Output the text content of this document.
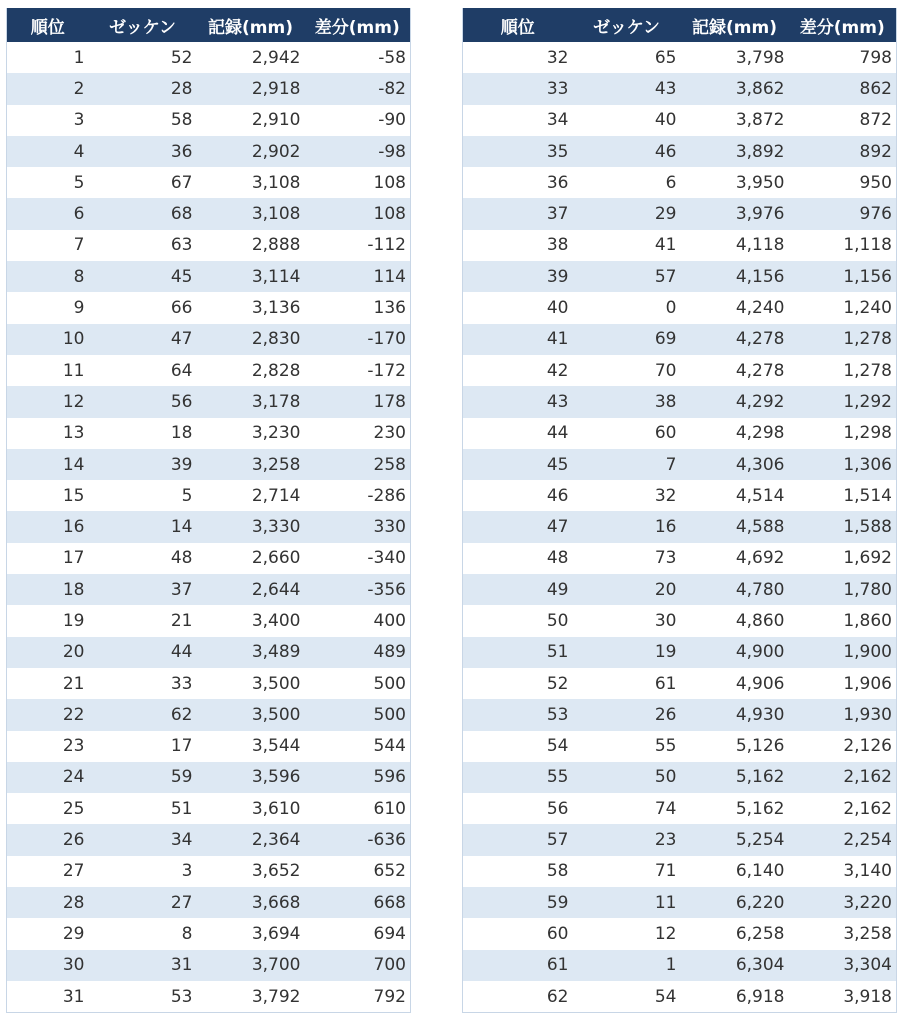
順位	ゼッケン	記録(mm)	差分(mm)
1	52	2,942	-58
2	28	2,918	-82
3	58	2,910	-90
4	36	2,902	-98
5	67	3,108	108
6	68	3,108	108
7	63	2,888	-112
8	45	3,114	114
9	66	3,136	136
10	47	2,830	-170
11	64	2,828	-172
12	56	3,178	178
13	18	3,230	230
14	39	3,258	258
15	5	2,714	-286
16	14	3,330	330
17	48	2,660	-340
18	37	2,644	-356
19	21	3,400	400
20	44	3,489	489
21	33	3,500	500
22	62	3,500	500
23	17	3,544	544
24	59	3,596	596
25	51	3,610	610
26	34	2,364	-636
27	3	3,652	652
28	27	3,668	668
29	8	3,694	694
30	31	3,700	700
31	53	3,792	792
順位	ゼッケン	記録(mm)	差分(mm)
32	65	3,798	798
33	43	3,862	862
34	40	3,872	872
35	46	3,892	892
36	6	3,950	950
37	29	3,976	976
38	41	4,118	1,118
39	57	4,156	1,156
40	0	4,240	1,240
41	69	4,278	1,278
42	70	4,278	1,278
43	38	4,292	1,292
44	60	4,298	1,298
45	7	4,306	1,306
46	32	4,514	1,514
47	16	4,588	1,588
48	73	4,692	1,692
49	20	4,780	1,780
50	30	4,860	1,860
51	19	4,900	1,900
52	61	4,906	1,906
53	26	4,930	1,930
54	55	5,126	2,126
55	50	5,162	2,162
56	74	5,162	2,162
57	23	5,254	2,254
58	71	6,140	3,140
59	11	6,220	3,220
60	12	6,258	3,258
61	1	6,304	3,304
62	54	6,918	3,918
